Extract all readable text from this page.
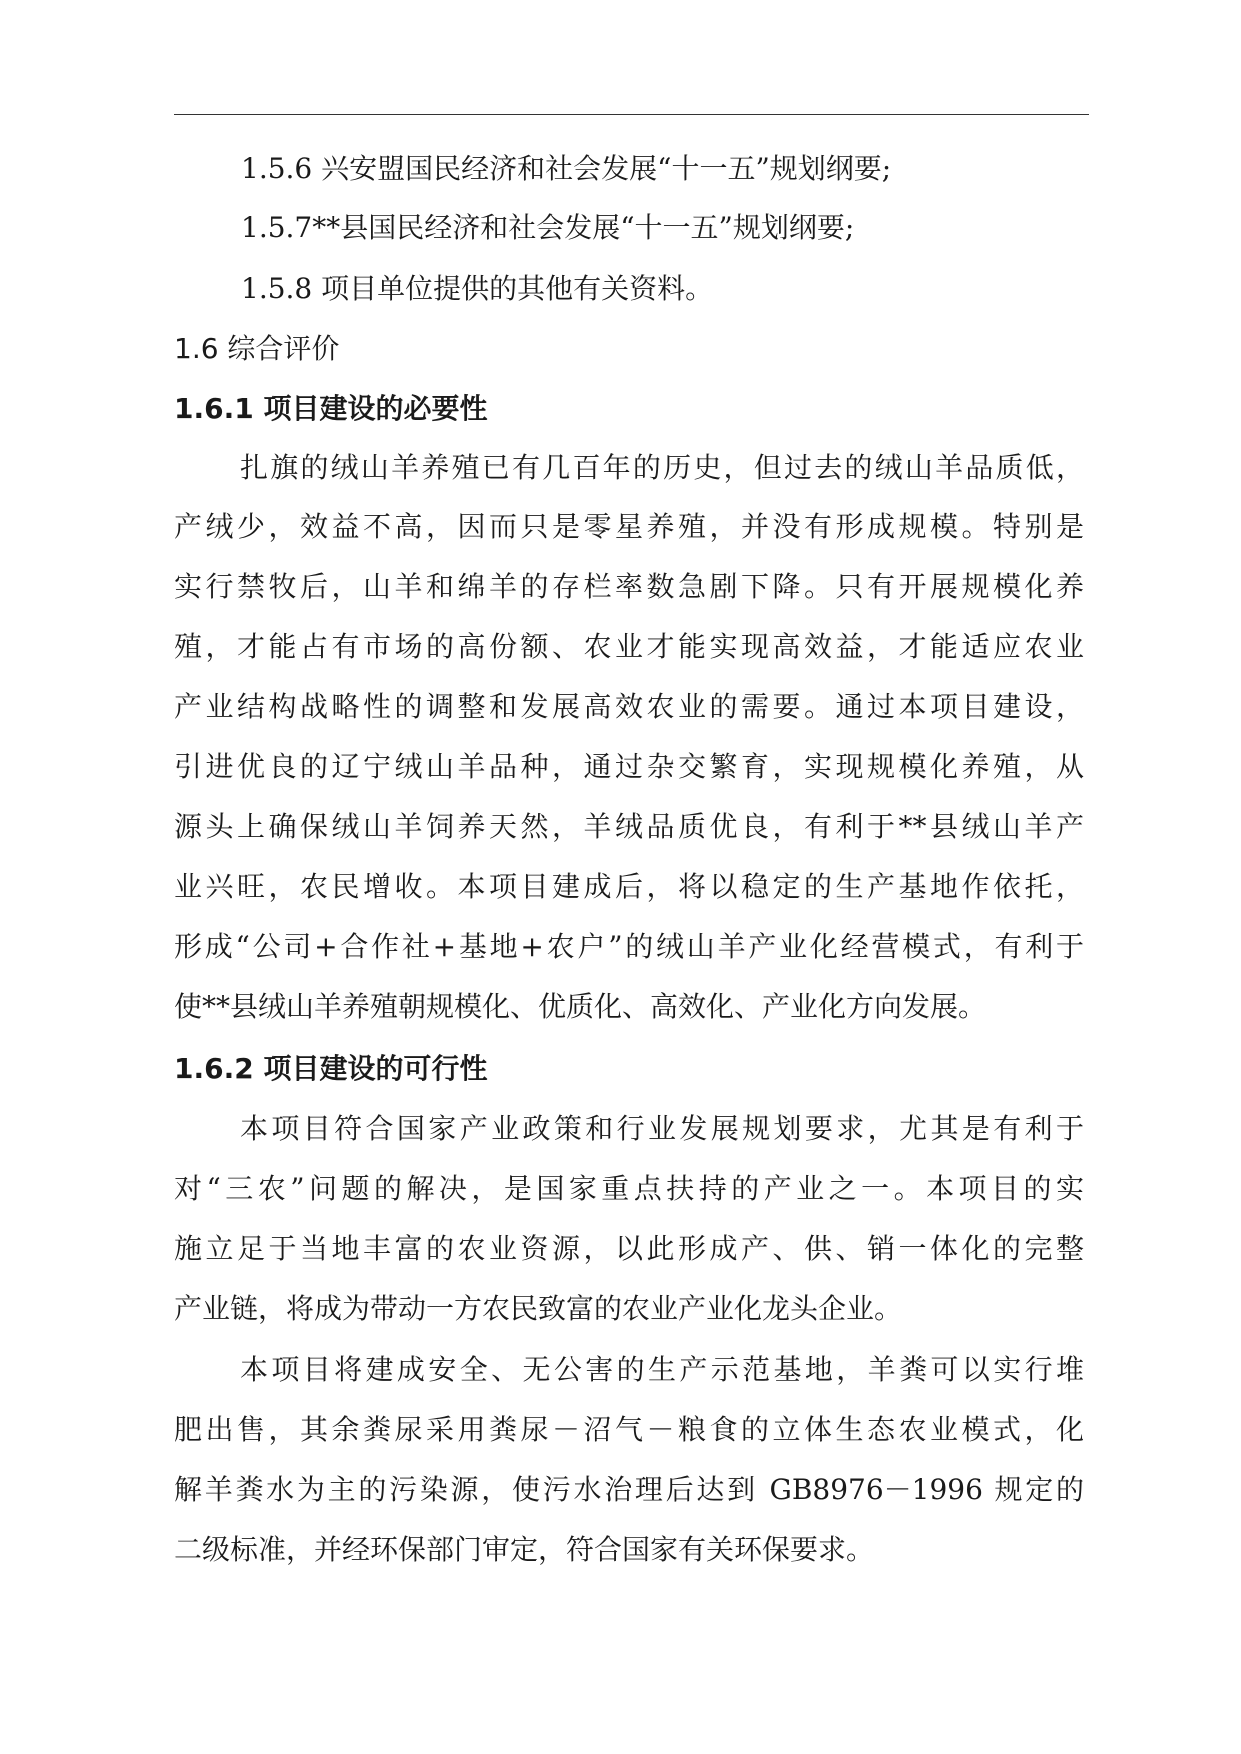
1.5.6 兴安盟国民经济和社会发展“十一五”规划纲要;

1.5.7**县国民经济和社会发展“十一五”规划纲要;

1.5.8 项目单位提供的其他有关资料。

1.6 综合评价

1.6.1 项目建设的必要性

扎旗的绒山羊养殖已有几百年的历史，但过去的绒山羊品质低，

产绒少，效益不高，因而只是零星养殖，并没有形成规模。特别是

实行禁牧后，山羊和绵羊的存栏率数急剧下降。只有开展规模化养

殖，才能占有市场的高份额、农业才能实现高效益，才能适应农业

产业结构战略性的调整和发展高效农业的需要。通过本项目建设，

引进优良的辽宁绒山羊品种，通过杂交繁育，实现规模化养殖，从

源头上确保绒山羊饲养天然，羊绒品质优良，有利于**县绒山羊产

业兴旺，农民增收。本项目建成后，将以稳定的生产基地作依托，

形成“公司+合作社+基地+农户”的绒山羊产业化经营模式，有利于

使**县绒山羊养殖朝规模化、优质化、高效化、产业化方向发展。

1.6.2 项目建设的可行性

本项目符合国家产业政策和行业发展规划要求，尤其是有利于

对“三农”问题的解决，是国家重点扶持的产业之一。本项目的实

施立足于当地丰富的农业资源，以此形成产、供、销一体化的完整

产业链，将成为带动一方农民致富的农业产业化龙头企业。

本项目将建成安全、无公害的生产示范基地，羊粪可以实行堆

肥出售，其余粪尿采用粪尿－沼气－粮食的立体生态农业模式，化

解羊粪水为主的污染源，使污水治理后达到 GB8976－1996 规定的

二级标准，并经环保部门审定，符合国家有关环保要求。
